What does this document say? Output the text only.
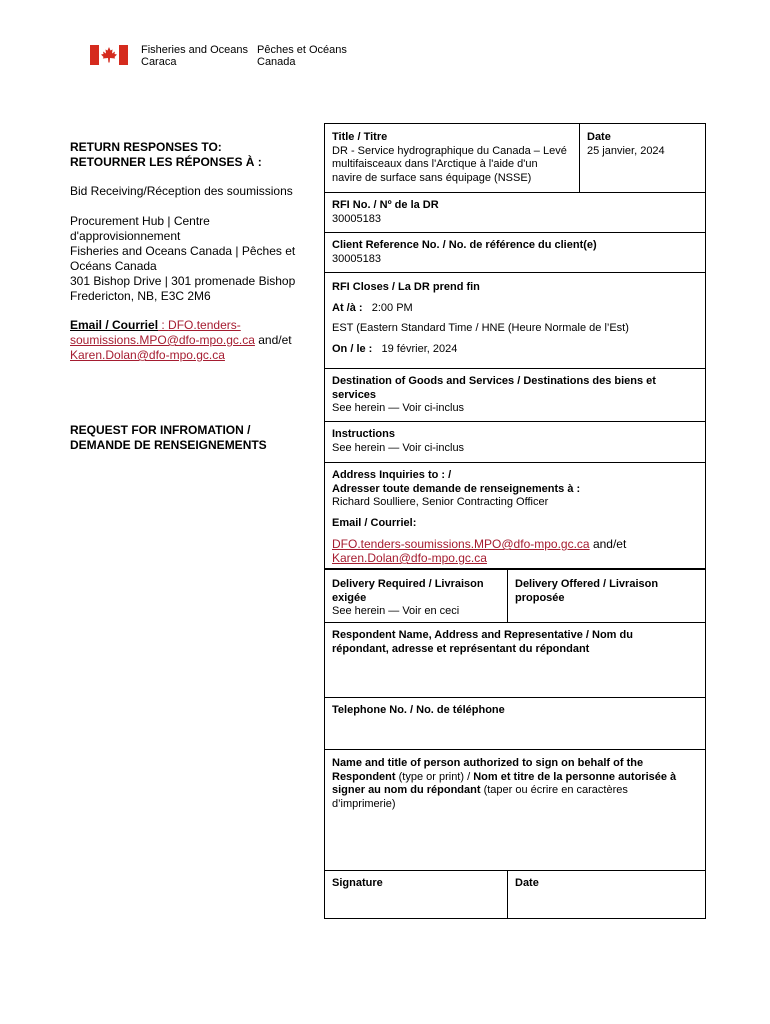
Fisheries and Oceans
Caraca
Pêches et Océans
Canada
RETURN RESPONSES TO:
RETOURNER LES RÉPONSES À :
Bid Receiving/Réception des soumissions
Procurement Hub | Centre
d'approvisionnement
Fisheries and Oceans Canada | Pêches et
Océans Canada
301 Bishop Drive | 301 promenade Bishop
Fredericton, NB, E3C 2M6
Email / Courriel : DFO.tenders-
soumissions.MPO@dfo-mpo.gc.ca and/et
Karen.Dolan@dfo-mpo.gc.ca
REQUEST FOR INFROMATION /
DEMANDE DE RENSEIGNEMENTS
Title / Titre
DR - Service hydrographique du Canada – Levé
multifaisceaux dans l'Arctique à l'aide d'un
navire de surface sans équipage (NSSE)
Date
25 janvier, 2024
RFI No. / Nº de la DR
30005183
Client Reference No. / No. de référence du client(e)
30005183
RFI Closes / La DR prend fin
At /à : 2:00 PM
EST (Eastern Standard Time / HNE (Heure Normale de l’Est)
On / le : 19 février, 2024
Destination of Goods and Services / Destinations des biens et
services
See herein — Voir ci-inclus
Instructions
See herein — Voir ci-inclus
Address Inquiries to : /
Adresser toute demande de renseignements à :
Richard Soulliere, Senior Contracting Officer
Email / Courriel:
DFO.tenders-soumissions.MPO@dfo-mpo.gc.ca and/et
Karen.Dolan@dfo-mpo.gc.ca
Delivery Required / Livraison
exigée
See herein — Voir en ceci
Delivery Offered / Livraison
proposée
Respondent Name, Address and Representative / Nom du
répondant, adresse et représentant du répondant
Telephone No. / No. de téléphone
Name and title of person authorized to sign on behalf of the
Respondent (type or print) / Nom et titre de la personne autorisée à
signer au nom du répondant (taper ou écrire en caractères
d’imprimerie)
Signature	Date
